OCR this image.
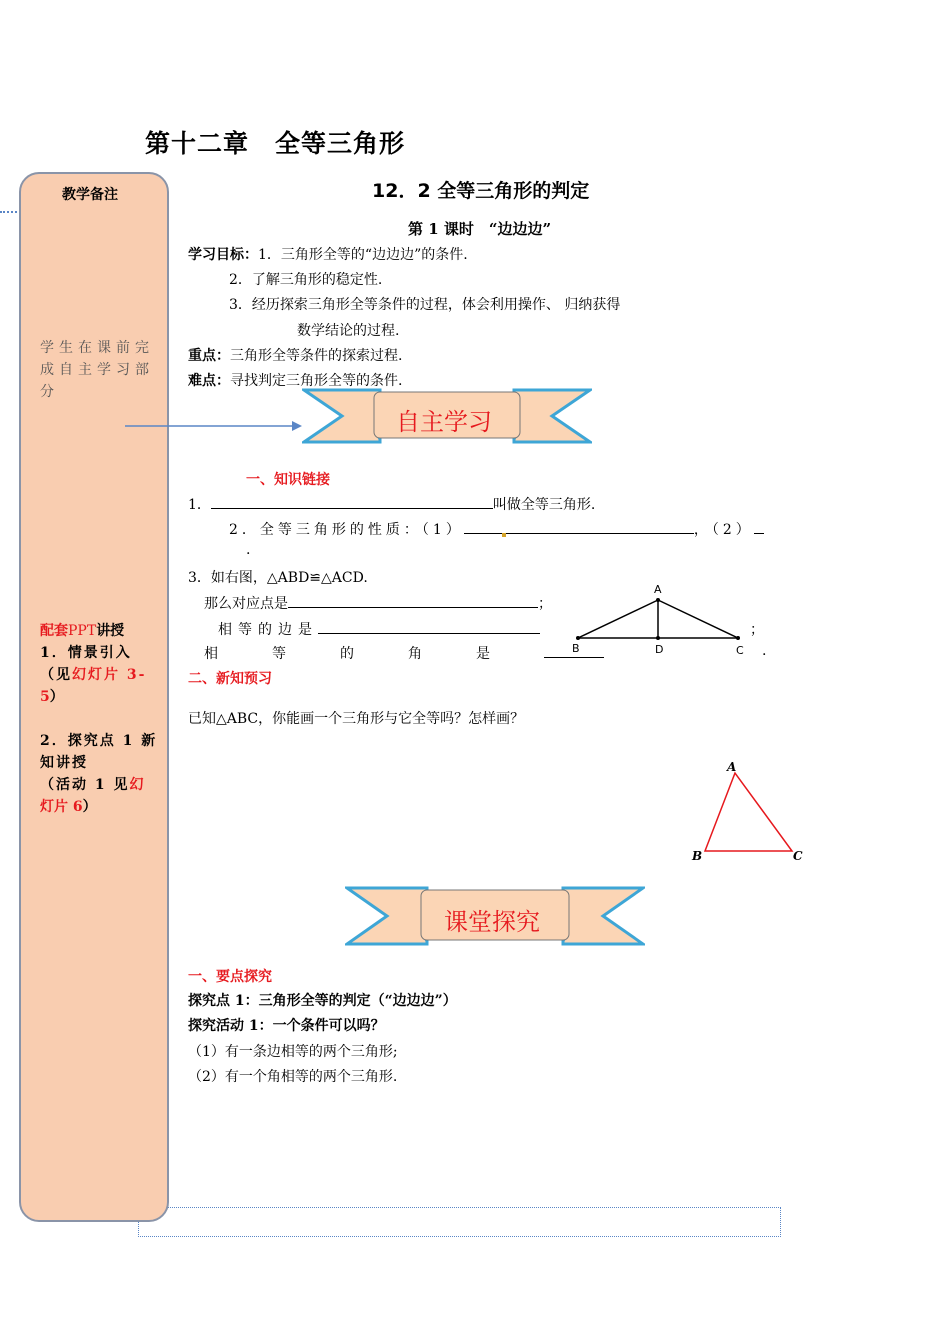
第十二章　全等三角形
教学备注
学生在课前完
成自主学习部
分
配套PPT讲授
1．情景引入
（见幻灯片 3-
5）
2．探究点 1 新
知讲授
（活动 1 见幻
灯片 6）
12．2 全等三角形的判定
第 1 课时　“边边边”
学习目标：1．三角形全等的“边边边”的条件.
2．了解三角形的稳定性.
3．经历探索三角形全等条件的过程，体会利用操作、 归纳获得
数学结论的过程.
重点：三角形全等条件的探索过程.
难点：寻找判定三角形全等的条件.
自主学习
一、知识链接
1．	叫做全等三角形.
2．全等三角形的性质：（1）	，（2）
.
3．如右图，△ABD≌△ACD.
那么对应点是	；
相等的边是	；
相	等	的	角	是	.
A
B	D	C
二、新知预习
已知△ABC，你能画一个三角形与它全等吗？怎样画？
A
B	C
课堂探究
一、要点探究
探究点 1：三角形全等的判定（“边边边”）
探究活动 1：一个条件可以吗？
（1）有一条边相等的两个三角形;
（2）有一个角相等的两个三角形.
